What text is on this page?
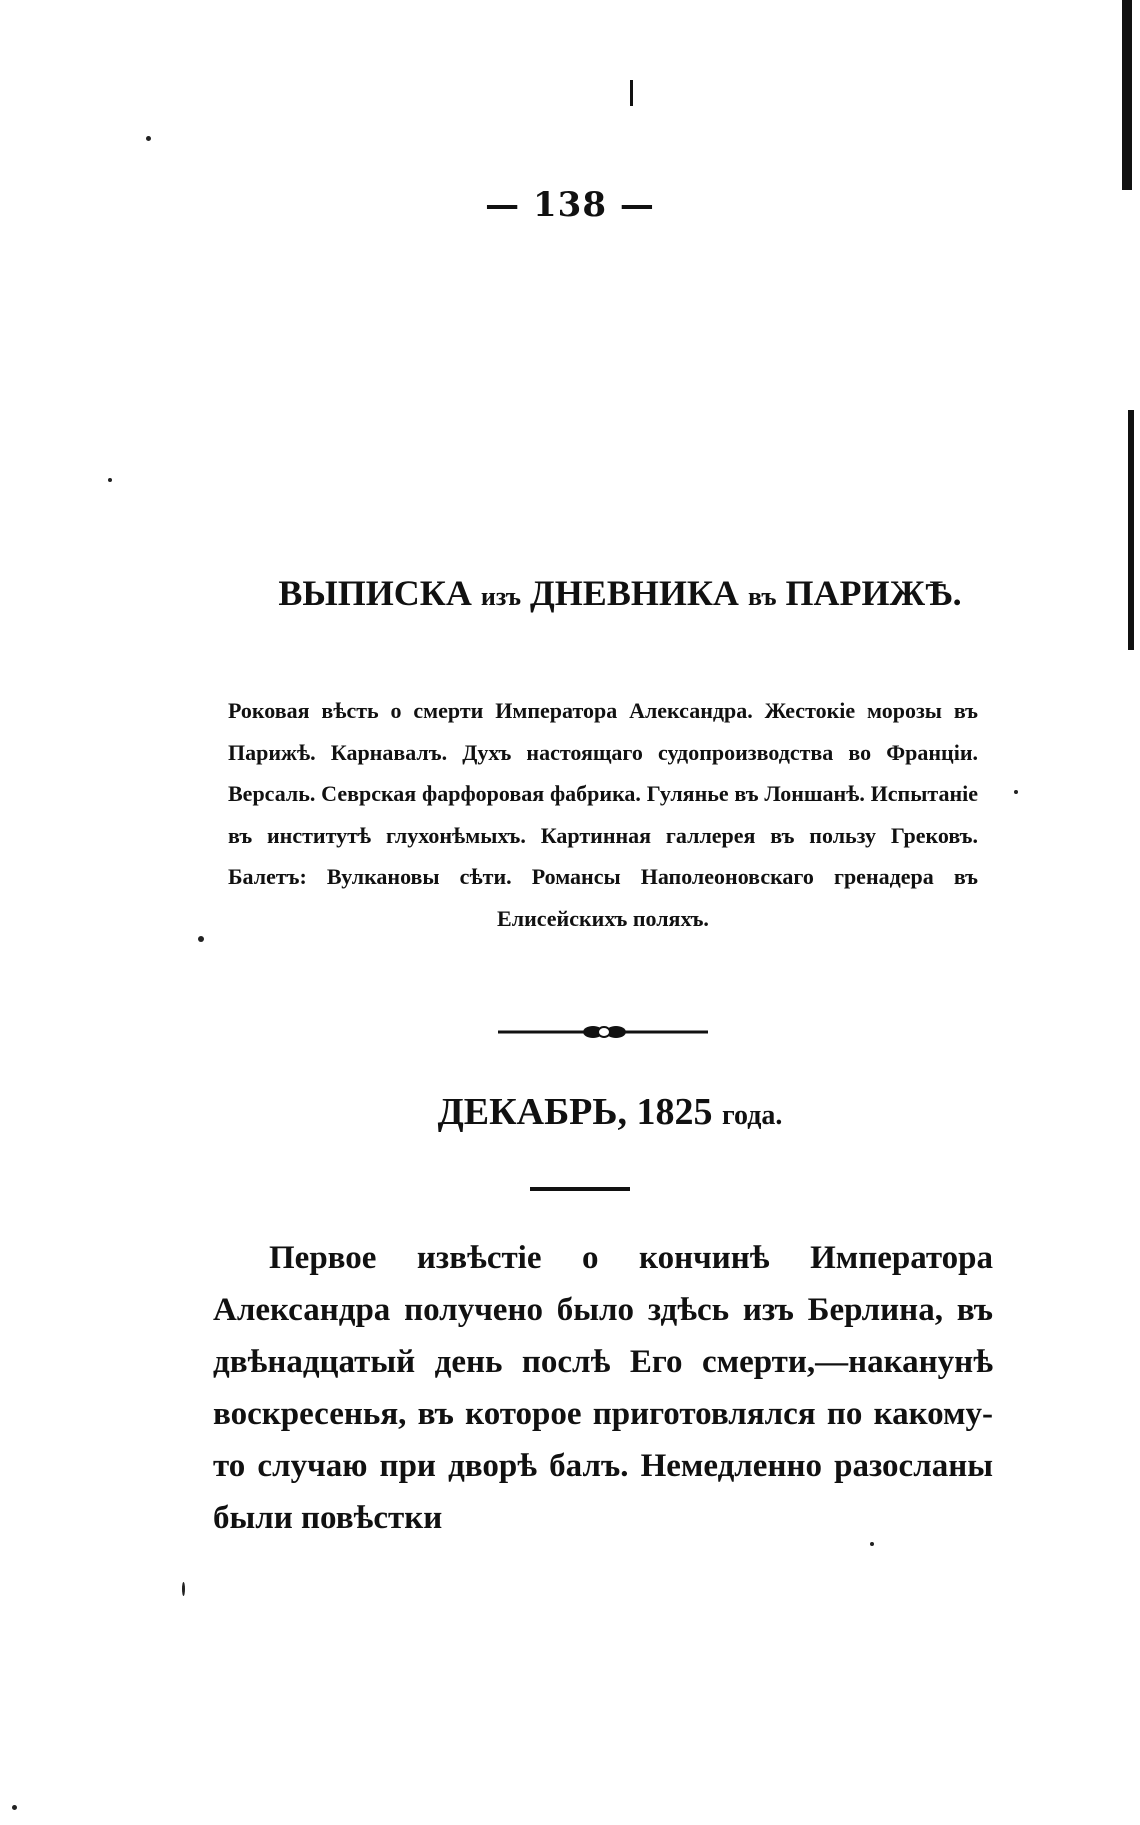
— 138 —
ВЫПИСКА изъ ДНЕВНИКА въ ПАРИЖѢ.
Роковая вѣсть о смерти Императора Александра. Жестокіе морозы въ Парижѣ. Карнавалъ. Духъ настоящаго судопроизводства во Франціи. Версаль. Севрская фарфоровая фабрика. Гулянье въ Лоншанѣ. Испытаніе въ институтѣ глухонѣмыхъ. Картинная галлерея въ пользу Грековъ. Балетъ: Вулкановы сѣти. Романсы Наполеоновскаго гренадера въ Елисейскихъ поляхъ.
ДЕКАБРЬ, 1825 года.
Первое извѣстіе о кончинѣ Императора Александра получено было здѣсь изъ Берлина, въ двѣнадцатый день послѣ Его смерти,—наканунѣ воскресенья, въ которое приготовлялся по какому-то случаю при дворѣ балъ. Немедленно разосланы были повѣстки
